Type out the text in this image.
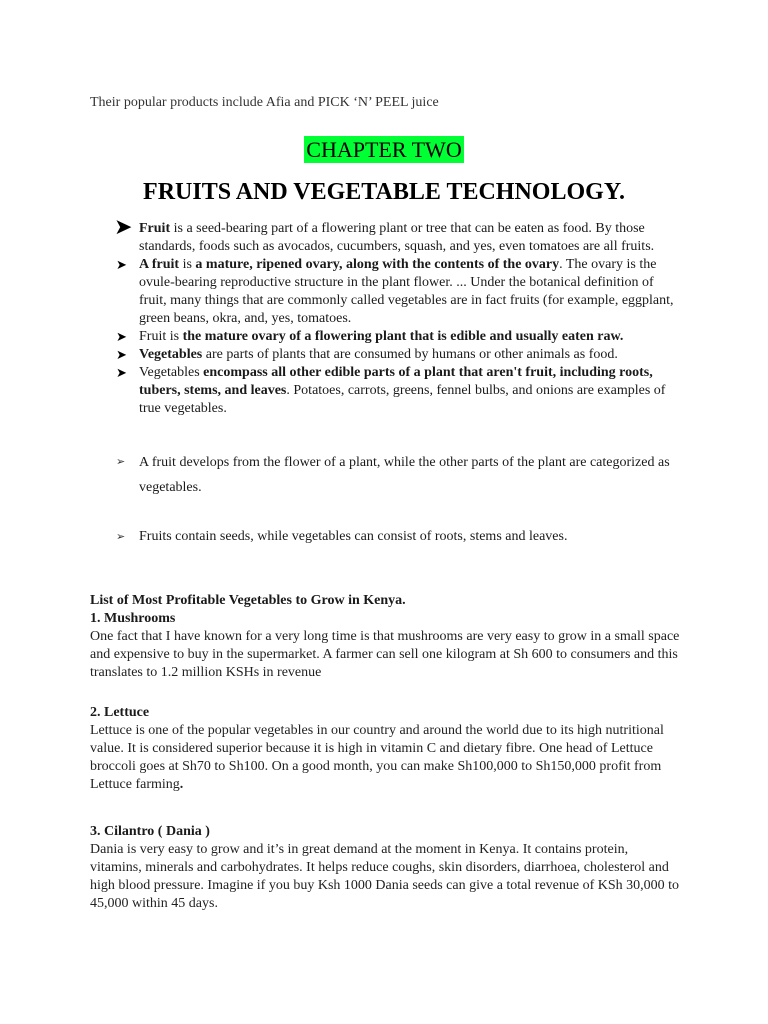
Their popular products include Afia and PICK ‘N’ PEEL juice
CHAPTER TWO
FRUITS AND VEGETABLE TECHNOLOGY.
➤ Fruit is a seed-bearing part of a flowering plant or tree that can be eaten as food. By those standards, foods such as avocados, cucumbers, squash, and yes, even tomatoes are all fruits.
➤ A fruit is a mature, ripened ovary, along with the contents of the ovary. The ovary is the ovule-bearing reproductive structure in the plant flower. ... Under the botanical definition of fruit, many things that are commonly called vegetables are in fact fruits (for example, eggplant, green beans, okra, and, yes, tomatoes.
➤ Fruit is the mature ovary of a flowering plant that is edible and usually eaten raw.
➤ Vegetables are parts of plants that are consumed by humans or other animals as food.
➤ Vegetables encompass all other edible parts of a plant that aren't fruit, including roots, tubers, stems, and leaves. Potatoes, carrots, greens, fennel bulbs, and onions are examples of true vegetables.
➢ A fruit develops from the flower of a plant, while the other parts of the plant are categorized as vegetables.
➢ Fruits contain seeds, while vegetables can consist of roots, stems and leaves.
List of Most Profitable Vegetables to Grow in Kenya.
1. Mushrooms
One fact that I have known for a very long time is that mushrooms are very easy to grow in a small space and expensive to buy in the supermarket. A farmer can sell one kilogram at Sh 600 to consumers and this translates to 1.2 million KSHs in revenue
2. Lettuce
Lettuce is one of the popular vegetables in our country and around the world due to its high nutritional value. It is considered superior because it is high in vitamin C and dietary fibre. One head of Lettuce broccoli goes at Sh70 to Sh100. On a good month, you can make Sh100,000 to Sh150,000 profit from Lettuce farming.
3. Cilantro ( Dania )
Dania is very easy to grow and it’s in great demand at the moment in Kenya. It contains protein, vitamins, minerals and carbohydrates. It helps reduce coughs, skin disorders, diarrhoea, cholesterol and high blood pressure. Imagine if you buy Ksh 1000 Dania seeds can give a total revenue of KSh 30,000 to 45,000 within 45 days.
